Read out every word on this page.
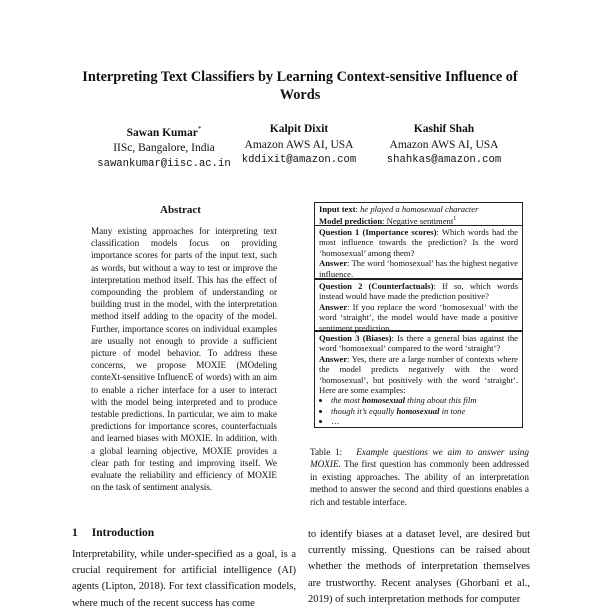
Interpreting Text Classifiers by Learning Context-sensitive Influence of Words
Sawan Kumar*
IISc, Bangalore, India
sawankumar@iisc.ac.in
Kalpit Dixit
Amazon AWS AI, USA
kddixit@amazon.com
Kashif Shah
Amazon AWS AI, USA
shahkas@amazon.com
Abstract

Many existing approaches for interpreting text classification models focus on providing importance scores for parts of the input text, such as words, but without a way to test or improve the interpretation method itself. This has the effect of compounding the problem of understanding or building trust in the model, with the interpretation method itself adding to the opacity of the model. Further, importance scores on individual examples are usually not enough to provide a sufficient picture of model behavior. To address these concerns, we propose MOXIE (MOdeling conteXt-sensitive InfluencE of words) with an aim to enable a richer interface for a user to interact with the model being interpreted and to produce testable predictions. In particular, we aim to make predictions for importance scores, counterfactuals and learned biases with MOXIE. In addition, with a global learning objective, MOXIE provides a clear path for testing and improving itself. We evaluate the reliability and efficiency of MOXIE on the task of sentiment analysis.

1 Introduction

Interpretability, while under-specified as a goal, is a crucial requirement for artificial intelligence (AI) agents (Lipton, 2018). For text classification models, where much of the recent success has come

Input text: he played a homosexual character

Model prediction: Negative sentiment$^1$

Question 1 (Importance scores): Which words had the most influence towards the prediction? Is the word ‘homosexual’ among them?

Answer: The word ‘homosexual’ has the highest negative influence.

Question 2 (Counterfactuals): If so, which words instead would have made the prediction positive?

Answer: If you replace the word ‘homosexual’ with the word ‘straight’, the model would have made a positive sentiment prediction.

Question 3 (Biases): Is there a general bias against the word ‘homosexual’ compared to the word ‘straight’?

Answer: Yes, there are a large number of contexts where the model predicts negatively with the word ‘homosexual’, but positively with the word ‘straight’. Here are some examples:

• the most homosexual thing about this film
• though it’s equally homosexual in tone
• …

Table 1: Example questions we aim to answer using MOXIE. The first question has commonly been addressed in existing approaches. The ability of an interpretation method to answer the second and third questions enables a rich and testable interface.

to identify biases at a dataset level, are desired but currently missing. Questions can be raised about whether the methods of interpretation themselves are trustworthy. Recent analyses (Ghorbani et al., 2019) of such interpretation methods for computer
